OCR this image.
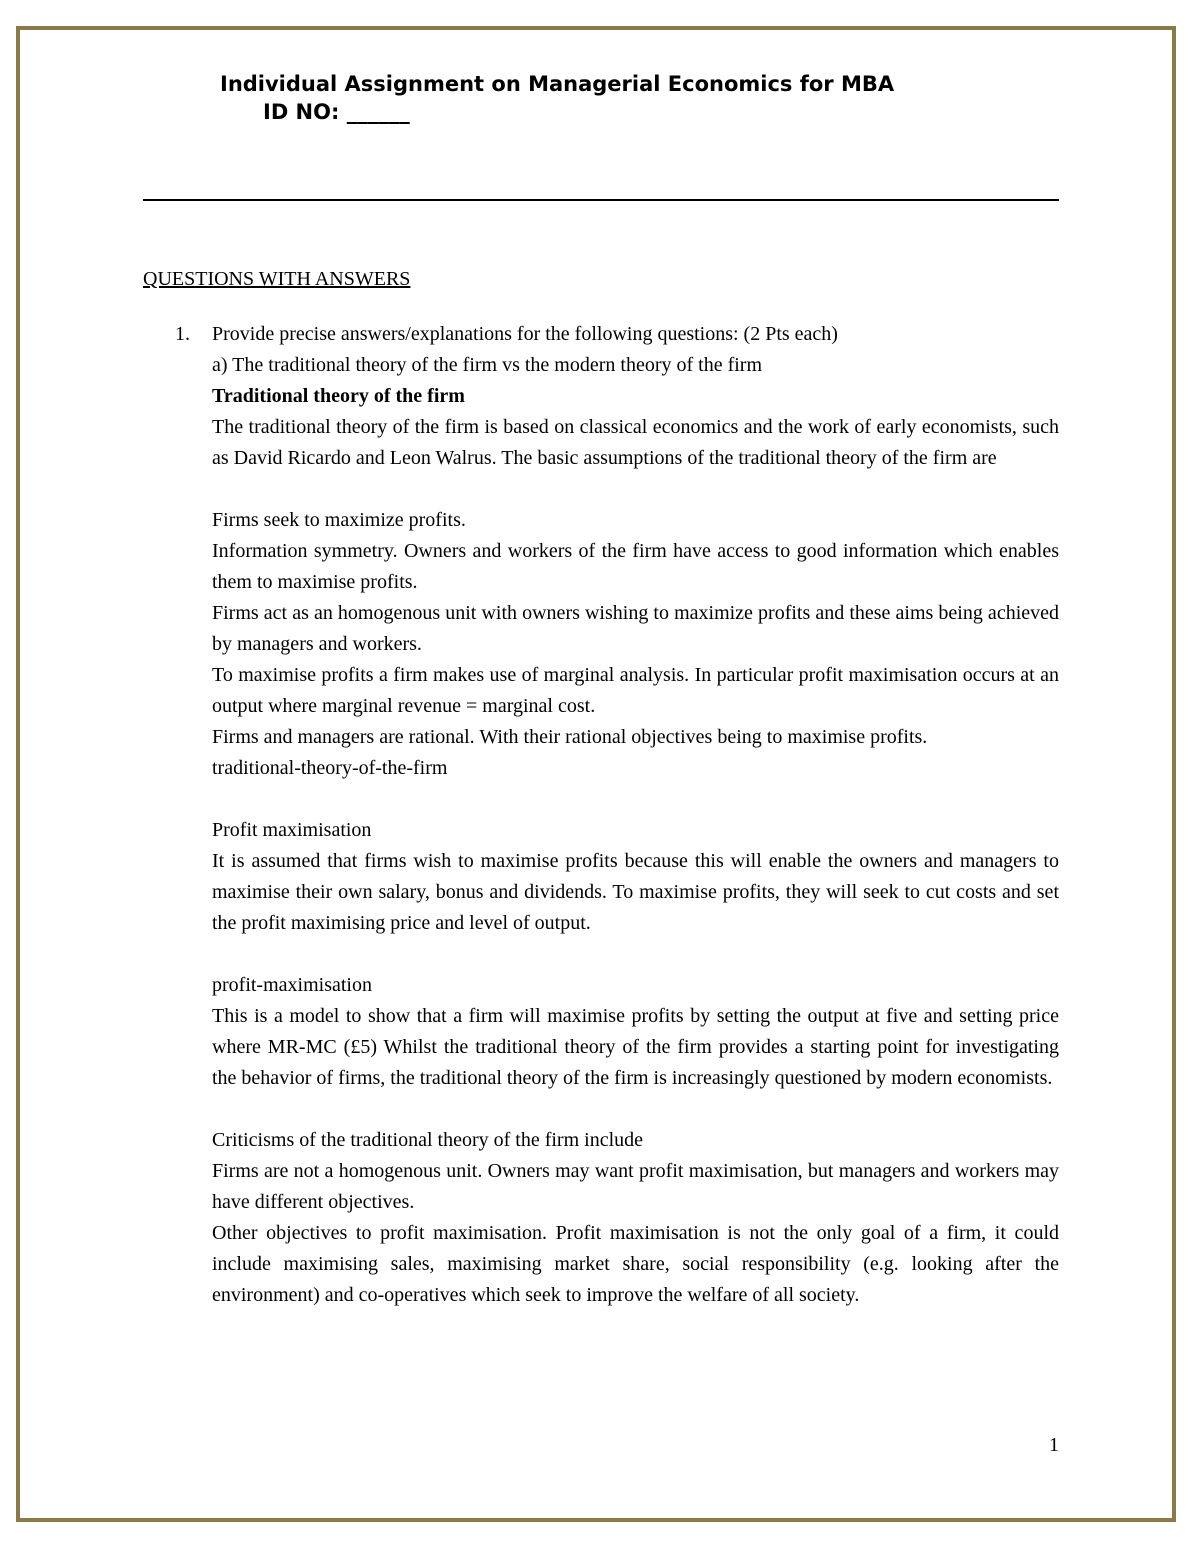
Individual Assignment on Managerial Economics for MBA
ID NO: ______
QUESTIONS WITH ANSWERS
1. Provide precise answers/explanations for the following questions: (2 Pts each)

a) The traditional theory of the firm vs the modern theory of the firm

Traditional theory of the firm

The traditional theory of the firm is based on classical economics and the work of early economists, such as David Ricardo and Leon Walrus. The basic assumptions of the traditional theory of the firm are

Firms seek to maximize profits.

Information symmetry. Owners and workers of the firm have access to good information which enables them to maximise profits.

Firms act as an homogenous unit with owners wishing to maximize profits and these aims being achieved by managers and workers.

To maximise profits a firm makes use of marginal analysis. In particular profit maximisation occurs at an output where marginal revenue = marginal cost.

Firms and managers are rational. With their rational objectives being to maximise profits.

traditional-theory-of-the-firm

Profit maximisation

It is assumed that firms wish to maximise profits because this will enable the owners and managers to maximise their own salary, bonus and dividends. To maximise profits, they will seek to cut costs and set the profit maximising price and level of output.

profit-maximisation

This is a model to show that a firm will maximise profits by setting the output at five and setting price where MR-MC (£5) Whilst the traditional theory of the firm provides a starting point for investigating the behavior of firms, the traditional theory of the firm is increasingly questioned by modern economists.

Criticisms of the traditional theory of the firm include

Firms are not a homogenous unit. Owners may want profit maximisation, but managers and workers may have different objectives.

Other objectives to profit maximisation. Profit maximisation is not the only goal of a firm, it could include maximising sales, maximising market share, social responsibility (e.g. looking after the environment) and co-operatives which seek to improve the welfare of all society.

1
